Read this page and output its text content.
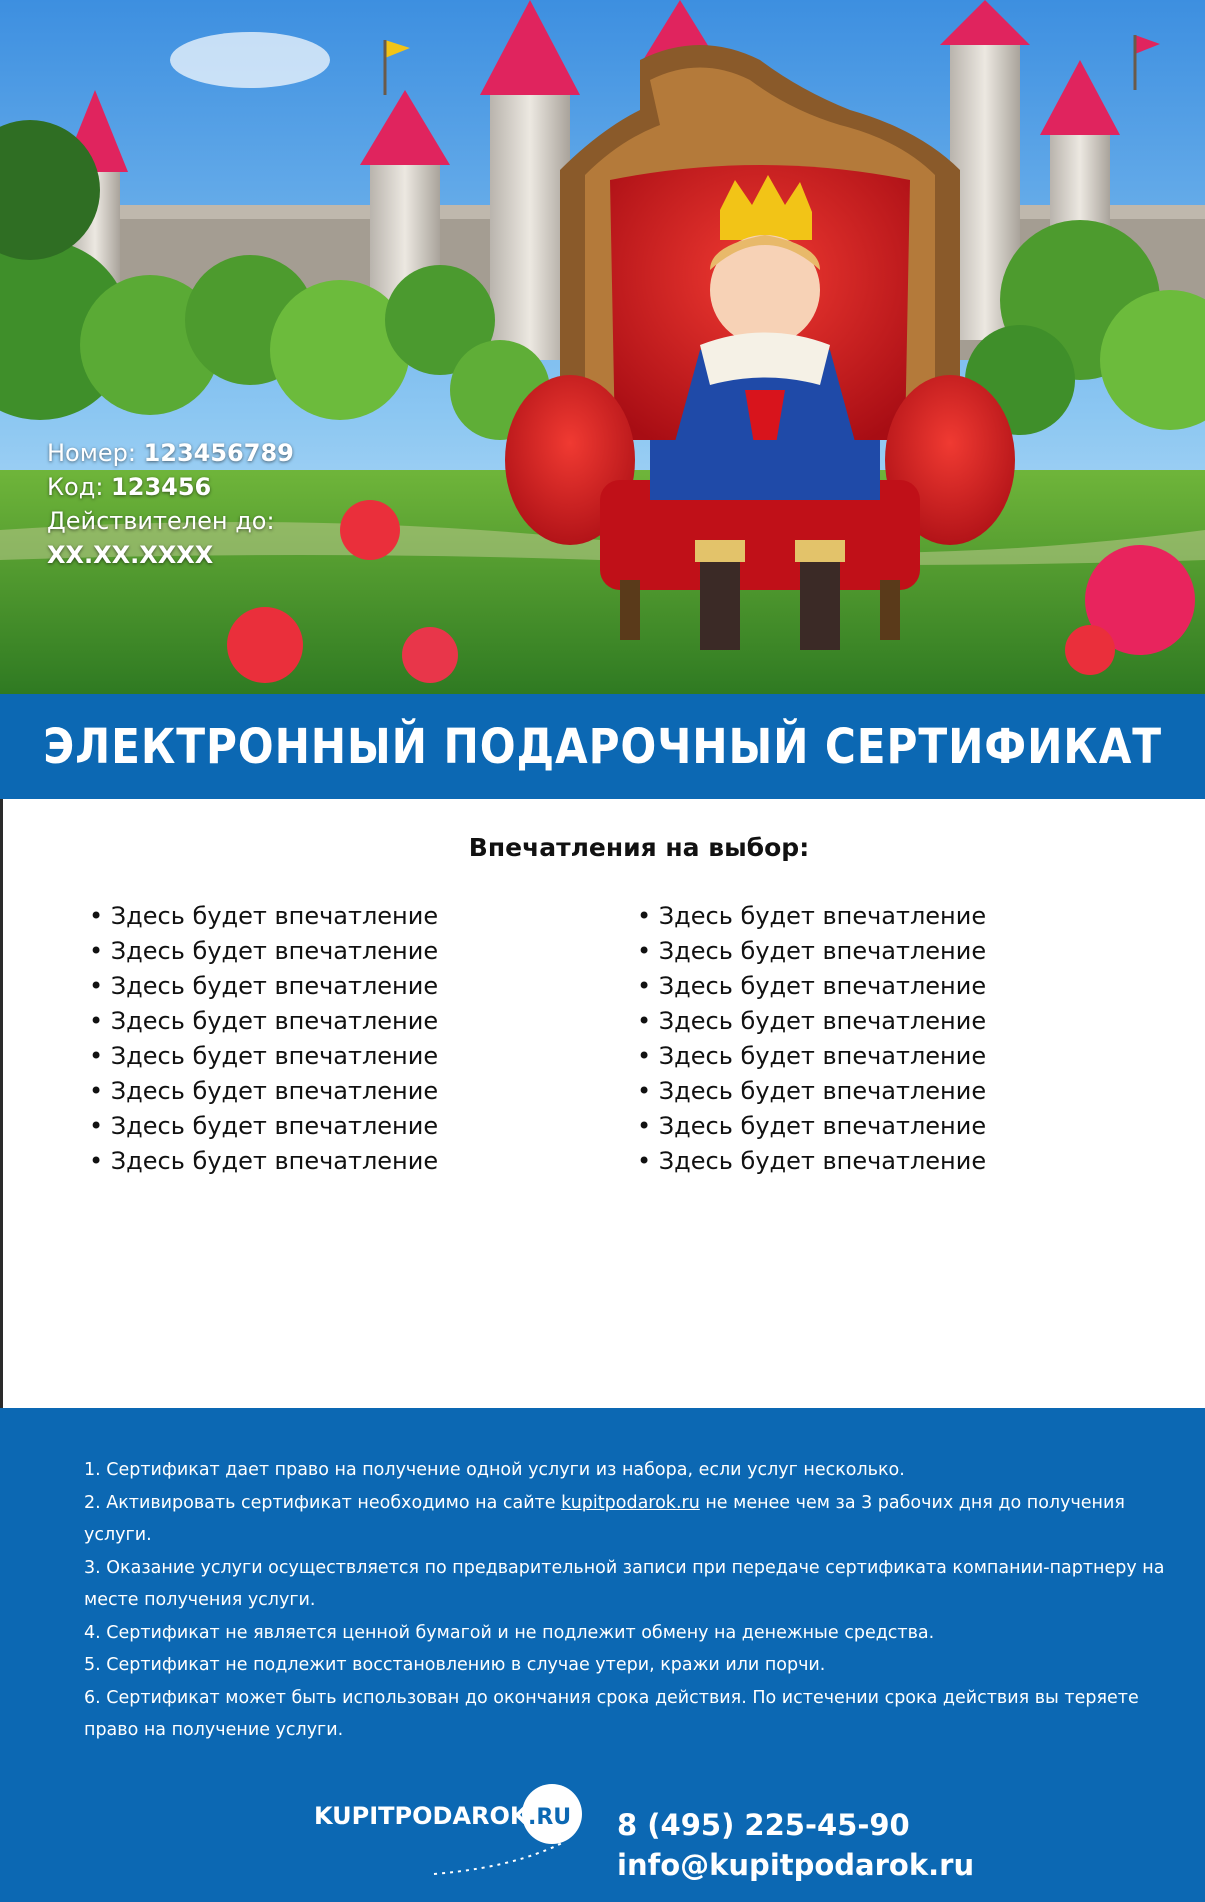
Номер: 123456789
Код: 123456
Действителен до:
XX.XX.XXXX
ЭЛЕКТРОННЫЙ ПОДАРОЧНЫЙ СЕРТИФИКАТ
Впечатления на выбор:
• Здесь будет впечатление
• Здесь будет впечатление
• Здесь будет впечатление
• Здесь будет впечатление
• Здесь будет впечатление
• Здесь будет впечатление
• Здесь будет впечатление
• Здесь будет впечатление
• Здесь будет впечатление
• Здесь будет впечатление
• Здесь будет впечатление
• Здесь будет впечатление
• Здесь будет впечатление
• Здесь будет впечатление
• Здесь будет впечатление
• Здесь будет впечатление
1. Сертификат дает право на получение одной услуги из набора, если услуг несколько.
2. Активировать сертификат необходимо на сайте kupitpodarok.ru не менее чем за 3 рабочих дня до получения услуги.
3. Оказание услуги осуществляется по предварительной записи при передаче сертификата компании-партнеру на месте получения услуги.
4. Сертификат не является ценной бумагой и не подлежит обмену на денежные средства.
5. Сертификат не подлежит восстановлению в случае утери, кражи или порчи.
6. Сертификат может быть использован до окончания срока действия. По истечении срока действия вы теряете право на получение услуги.
KUPITPODAROK .RU 8 (495) 225-45-90
info@kupitpodarok.ru
